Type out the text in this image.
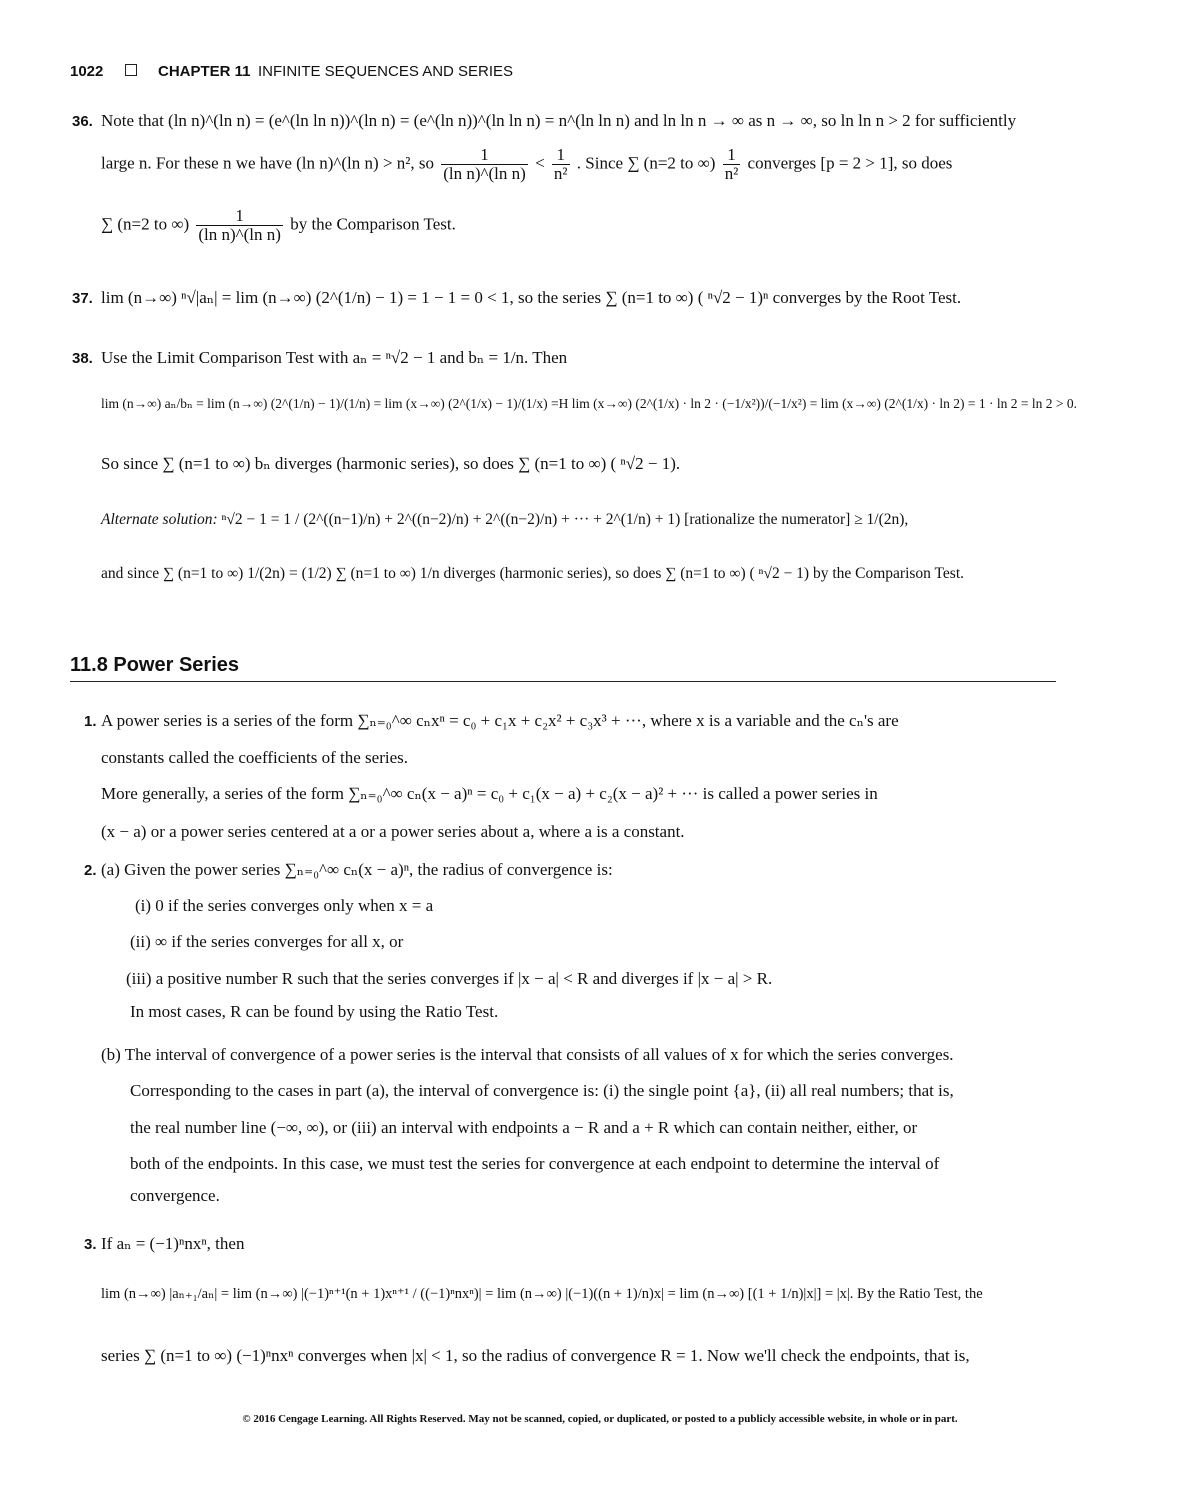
1022	CHAPTER 11 INFINITE SEQUENCES AND SERIES
36. Note that (ln n)^(ln n) = (e^(ln ln n))^(ln n) = (e^(ln n))^(ln ln n) = n^(ln ln n) and ln ln n → ∞ as n → ∞, so ln ln n > 2 for sufficiently
large n. For these n we have (ln n)^(ln n) > n², so $\frac{1}{\text{(ln n)\textasciicircum{}(ln n)}} < \frac{1}{\text{n²}}$ . Since ∑ (n=2 to ∞) $\frac{1}{\text{n²}}$ converges [p = 2 > 1], so does
∑ (n=2 to ∞) $\frac{1}{\text{(ln n)\textasciicircum{}(ln n)}}$ by the Comparison Test.
37. lim (n→∞) ⁿ√|aₙ| = lim (n→∞) (2^(1/n) − 1) = 1 − 1 = 0 < 1, so the series ∑ (n=1 to ∞) ( ⁿ√2 − 1)ⁿ converges by the Root Test.
38. Use the Limit Comparison Test with aₙ = ⁿ√2 − 1 and bₙ = 1/n. Then
lim (n→∞) aₙ/bₙ = lim (n→∞) (2^(1/n) − 1)/(1/n) = lim (x→∞) (2^(1/x) − 1)/(1/x) =H lim (x→∞) (2^(1/x) · ln 2 · (−1/x²))/(−1/x²) = lim (x→∞) (2^(1/x) · ln 2) = 1 · ln 2 = ln 2 > 0.
So since ∑ (n=1 to ∞) bₙ diverges (harmonic series), so does ∑ (n=1 to ∞) ( ⁿ√2 − 1).
Alternate solution: ⁿ√2 − 1 = 1 / (2^((n−1)/n) + 2^((n−2)/n) + 2^((n−2)/n) + ··· + 2^(1/n) + 1) [rationalize the numerator] ≥ 1/(2n),
and since ∑ (n=1 to ∞) 1/(2n) = (1/2) ∑ (n=1 to ∞) 1/n diverges (harmonic series), so does ∑ (n=1 to ∞) ( ⁿ√2 − 1) by the Comparison Test.
11.8 Power Series
1. A power series is a series of the form ∑ₙ₌₀^∞ cₙxⁿ = c₀ + c₁x + c₂x² + c₃x³ + ···, where x is a variable and the cₙ's are
constants called the coefficients of the series.
More generally, a series of the form ∑ₙ₌₀^∞ cₙ(x − a)ⁿ = c₀ + c₁(x − a) + c₂(x − a)² + ··· is called a power series in
(x − a) or a power series centered at a or a power series about a, where a is a constant.
2. (a) Given the power series ∑ₙ₌₀^∞ cₙ(x − a)ⁿ, the radius of convergence is:
(i) 0 if the series converges only when x = a
(ii) ∞ if the series converges for all x, or
(iii) a positive number R such that the series converges if |x − a| < R and diverges if |x − a| > R.
In most cases, R can be found by using the Ratio Test.
(b) The interval of convergence of a power series is the interval that consists of all values of x for which the series converges.
Corresponding to the cases in part (a), the interval of convergence is: (i) the single point {a}, (ii) all real numbers; that is,
the real number line (−∞, ∞), or (iii) an interval with endpoints a − R and a + R which can contain neither, either, or
both of the endpoints. In this case, we must test the series for convergence at each endpoint to determine the interval of
convergence.
3. If aₙ = (−1)ⁿnxⁿ, then
lim (n→∞) |aₙ₊₁/aₙ| = lim (n→∞) |(−1)ⁿ⁺¹(n + 1)xⁿ⁺¹ / ((−1)ⁿnxⁿ)| = lim (n→∞) |(−1)((n + 1)/n)x| = lim (n→∞) [(1 + 1/n)|x|] = |x|. By the Ratio Test, the
series ∑ (n=1 to ∞) (−1)ⁿnxⁿ converges when |x| < 1, so the radius of convergence R = 1. Now we'll check the endpoints, that is,
© 2016 Cengage Learning. All Rights Reserved. May not be scanned, copied, or duplicated, or posted to a publicly accessible website, in whole or in part.
